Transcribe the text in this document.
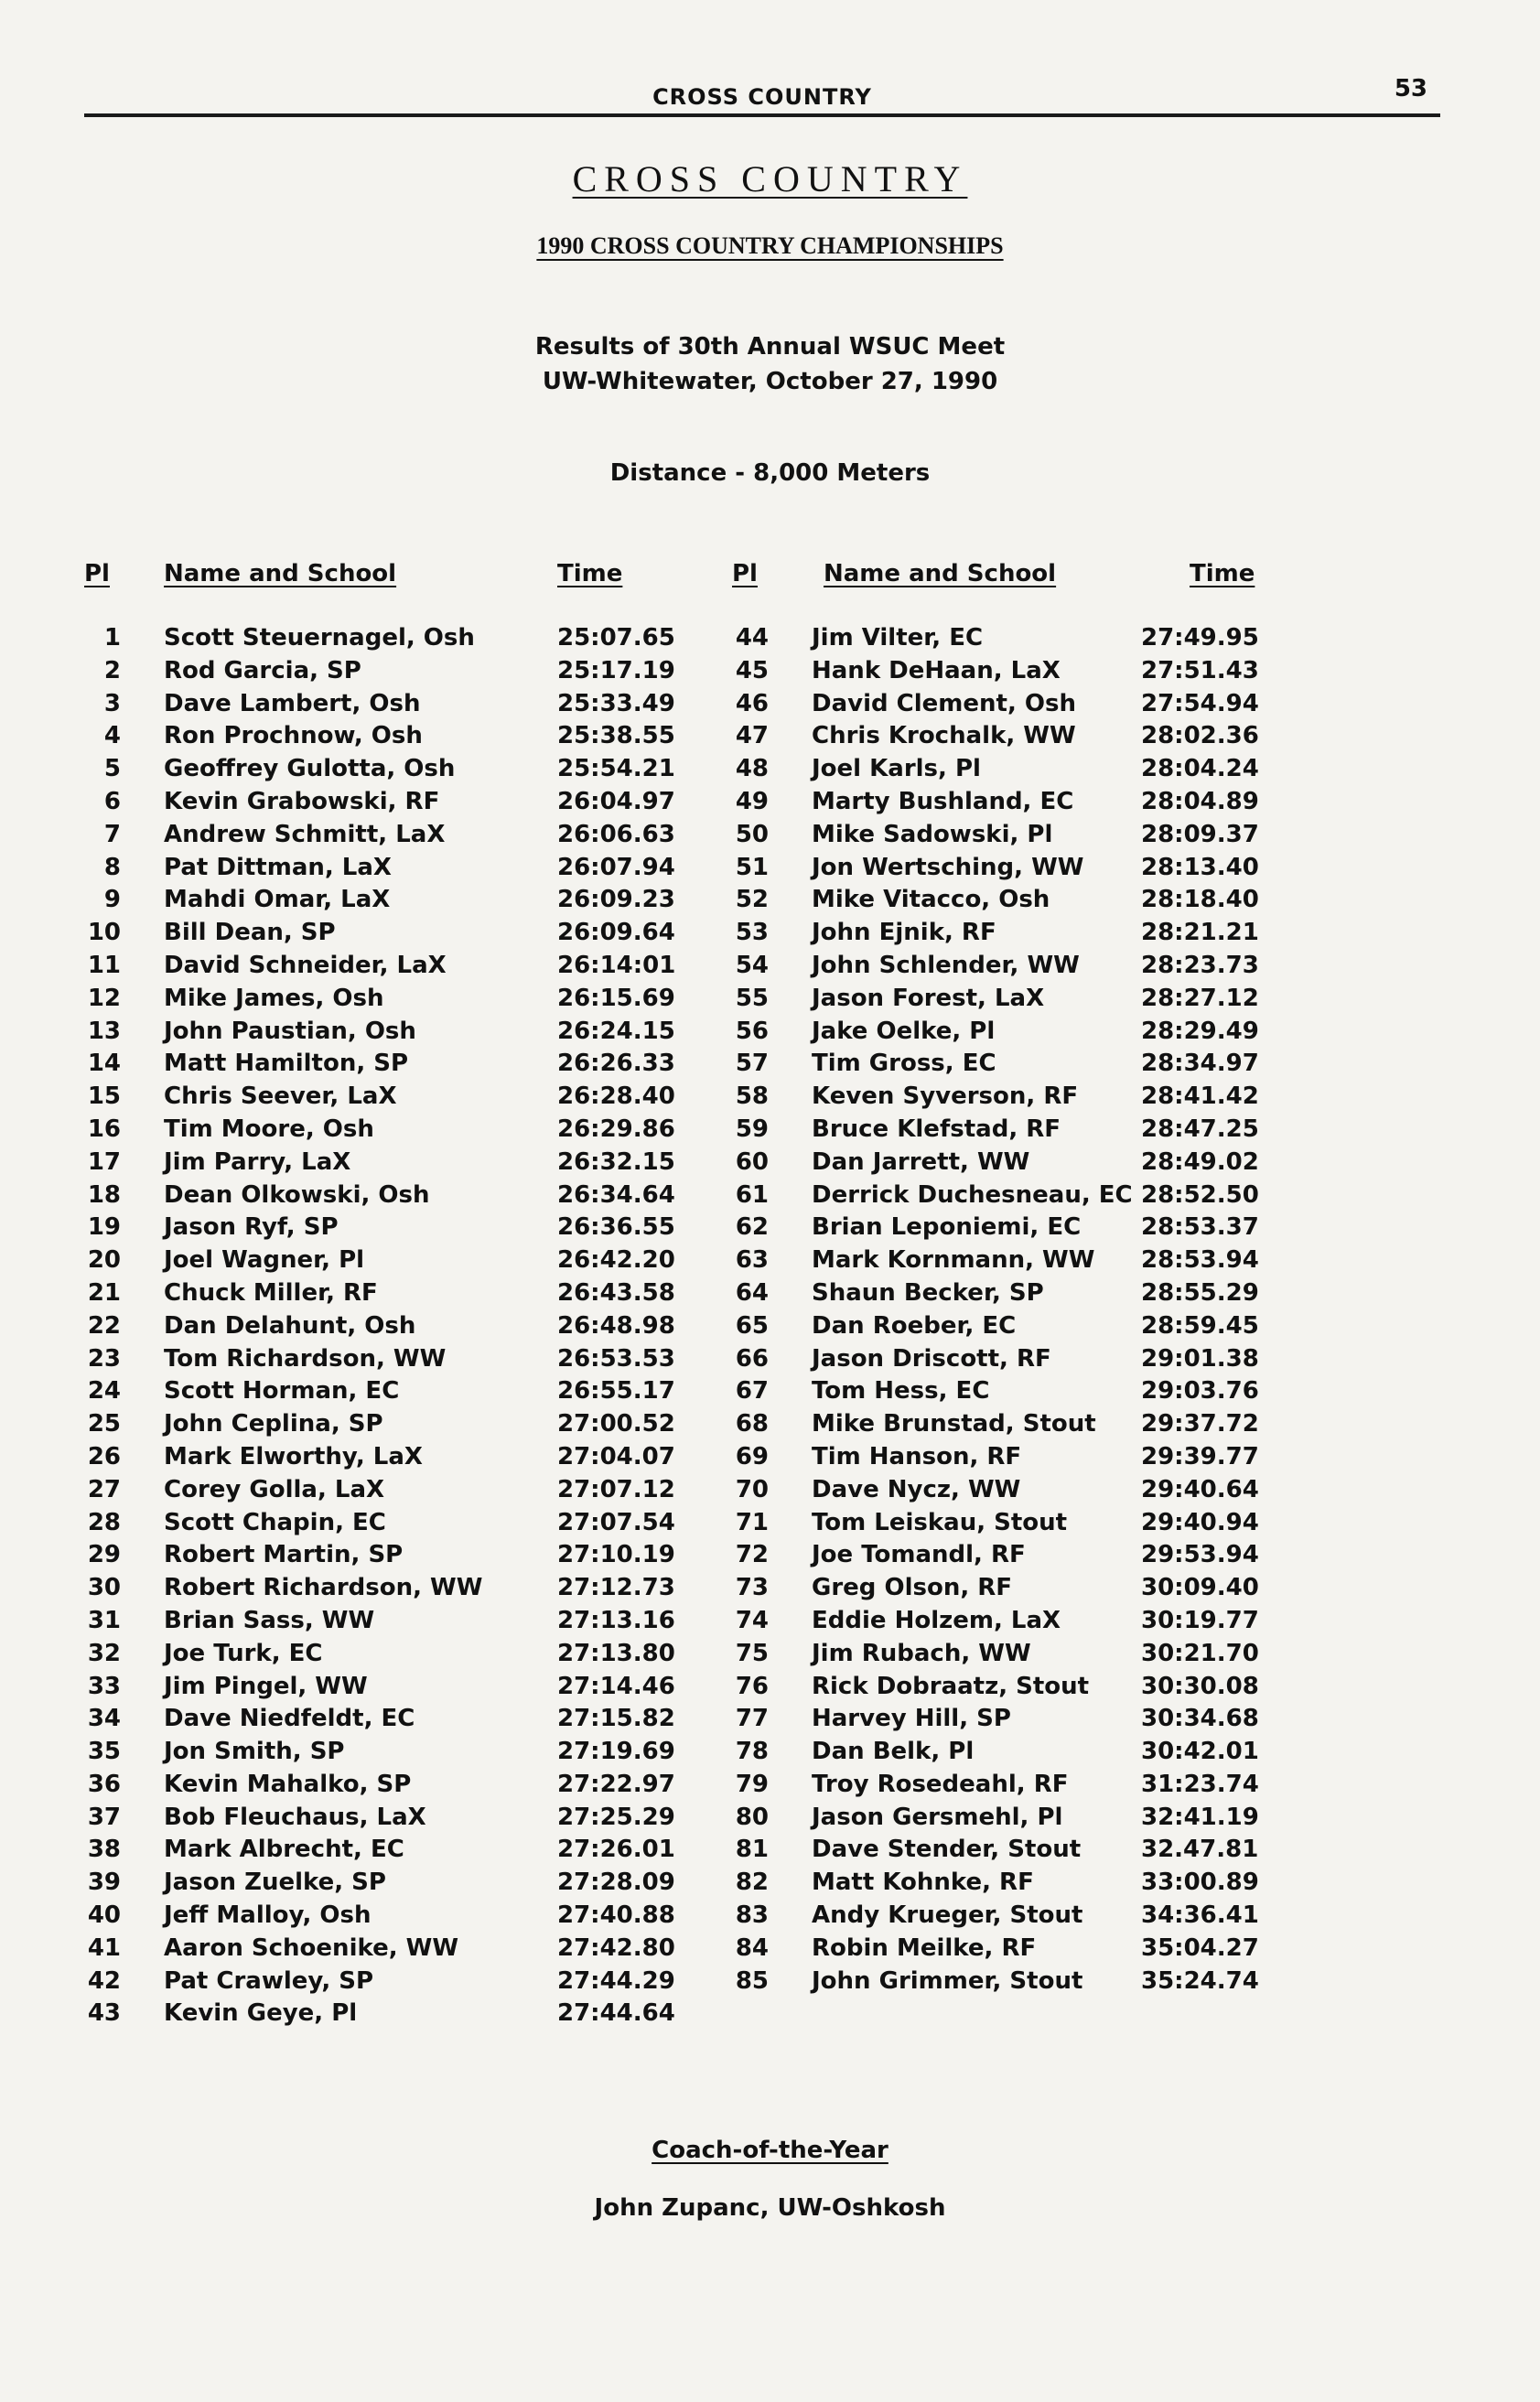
CROSS COUNTRY	53
CROSS COUNTRY
1990 CROSS COUNTRY CHAMPIONSHIPS
Results of 30th Annual WSUC Meet
UW-Whitewater, October 27, 1990
Distance - 8,000 Meters
Pl Name and School	Time	Pl	Name and School	Time
1 Scott Steuernagel, Osh	25:07.65
2 Rod Garcia, SP	25:17.19
3 Dave Lambert, Osh	25:33.49
4 Ron Prochnow, Osh	25:38.55
5 Geoffrey Gulotta, Osh	25:54.21
6 Kevin Grabowski, RF	26:04.97
7 Andrew Schmitt, LaX	26:06.63
8 Pat Dittman, LaX	26:07.94
9 Mahdi Omar, LaX	26:09.23
10 Bill Dean, SP	26:09.64
11 David Schneider, LaX	26:14:01
12 Mike James, Osh	26:15.69
13 John Paustian, Osh	26:24.15
14 Matt Hamilton, SP	26:26.33
15 Chris Seever, LaX	26:28.40
16 Tim Moore, Osh	26:29.86
17 Jim Parry, LaX	26:32.15
18 Dean Olkowski, Osh	26:34.64
19 Jason Ryf, SP	26:36.55
20 Joel Wagner, Pl	26:42.20
21 Chuck Miller, RF	26:43.58
22 Dan Delahunt, Osh	26:48.98
23 Tom Richardson, WW	26:53.53
24 Scott Horman, EC	26:55.17
25 John Ceplina, SP	27:00.52
26 Mark Elworthy, LaX	27:04.07
27 Corey Golla, LaX	27:07.12
28 Scott Chapin, EC	27:07.54
29 Robert Martin, SP	27:10.19
30 Robert Richardson, WW	27:12.73
31 Brian Sass, WW	27:13.16
32 Joe Turk, EC	27:13.80
33 Jim Pingel, WW	27:14.46
34 Dave Niedfeldt, EC	27:15.82
35 Jon Smith, SP	27:19.69
36 Kevin Mahalko, SP	27:22.97
37 Bob Fleuchaus, LaX	27:25.29
38 Mark Albrecht, EC	27:26.01
39 Jason Zuelke, SP	27:28.09
40 Jeff Malloy, Osh	27:40.88
41 Aaron Schoenike, WW	27:42.80
42 Pat Crawley, SP	27:44.29
43 Kevin Geye, Pl	27:44.64
44 Jim Vilter, EC	27:49.95
45 Hank DeHaan, LaX	27:51.43
46 David Clement, Osh	27:54.94
47 Chris Krochalk, WW	28:02.36
48 Joel Karls, Pl	28:04.24
49 Marty Bushland, EC	28:04.89
50 Mike Sadowski, Pl	28:09.37
51 Jon Wertsching, WW 28:13.40
52 Mike Vitacco, Osh	28:18.40
53 John Ejnik, RF	28:21.21
54 John Schlender, WW	28:23.73
55 Jason Forest, LaX	28:27.12
56 Jake Oelke, Pl	28:29.49
57 Tim Gross, EC	28:34.97
58 Keven Syverson, RF	28:41.42
59 Bruce Klefstad, RF	28:47.25
60 Dan Jarrett, WW	28:49.02
61 Derrick Duchesneau, EC 28:52.50
62 Brian Leponiemi, EC	28:53.37
63 Mark Kornmann, WW 28:53.94
64 Shaun Becker, SP	28:55.29
65 Dan Roeber, EC	28:59.45
66 Jason Driscott, RF	29:01.38
67 Tom Hess, EC	29:03.76
68 Mike Brunstad, Stout 29:37.72
69 Tim Hanson, RF	29:39.77
70 Dave Nycz, WW	29:40.64
71 Tom Leiskau, Stout	29:40.94
72 Joe Tomandl, RF	29:53.94
73 Greg Olson, RF	30:09.40
74 Eddie Holzem, LaX	30:19.77
75 Jim Rubach, WW	30:21.70
76 Rick Dobraatz, Stout 30:30.08
77 Harvey Hill, SP	30:34.68
78 Dan Belk, Pl	30:42.01
79 Troy Rosedeahl, RF	31:23.74
80 Jason Gersmehl, Pl	32:41.19
81 Dave Stender, Stout	32.47.81
82 Matt Kohnke, RF	33:00.89
83 Andy Krueger, Stout 34:36.41
84 Robin Meilke, RF	35:04.27
85 John Grimmer, Stout 35:24.74
Coach-of-the-Year
John Zupanc, UW-Oshkosh
